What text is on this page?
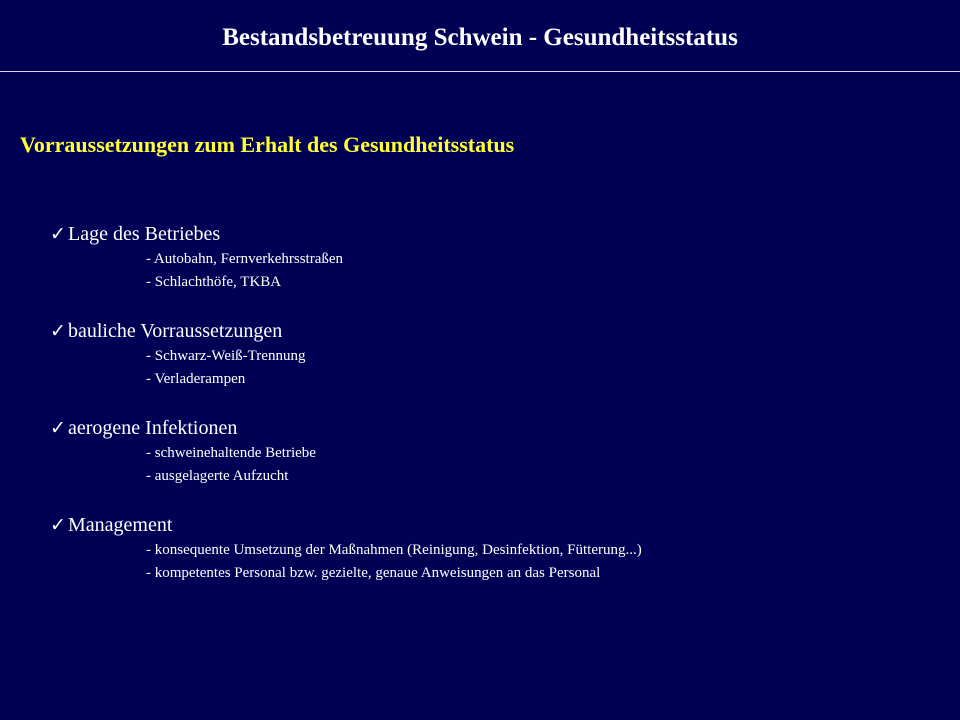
Bestandsbetreuung Schwein - Gesundheitsstatus
Vorraussetzungen zum Erhalt des Gesundheitsstatus
✓ Lage des Betriebes
- Autobahn, Fernverkehrsstraßen
- Schlachthöfe, TKBA
✓ bauliche Vorraussetzungen
- Schwarz-Weiß-Trennung
- Verladerampen
✓ aerogene Infektionen
- schweinehaltende Betriebe
- ausgelagerte Aufzucht
✓ Management
- konsequente Umsetzung der Maßnahmen (Reinigung, Desinfektion, Fütterung...)
- kompetentes Personal bzw. gezielte, genaue Anweisungen an das Personal
